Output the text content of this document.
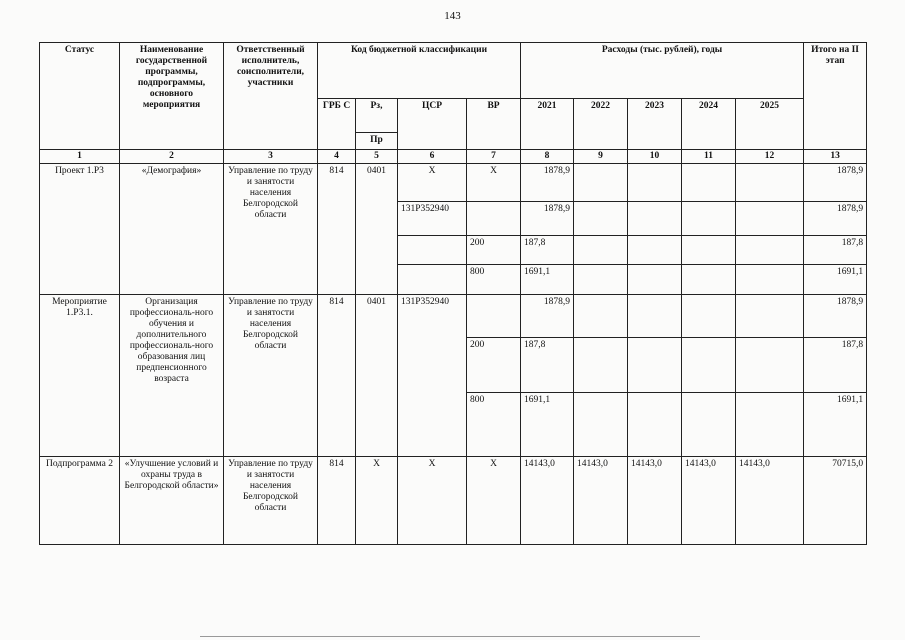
143
Статус	Наименование государственной программы, подпрограммы, основного мероприятия	Ответственный исполнитель, соисполнители, участники	Код бюджетной классификации				Расходы (тыс. рублей), годы					Итого на II этап
			ГРБ С	Рз,	ЦСР	ВР	2021	2022	2023	2024	2025	
				Пр								
1	2	3	4	5	6	7	8	9	10	11	12	13
Проект 1.Р3	«Демография»	Управление по труду и занятости населения Белгородской области	814	0401	Х	Х	1878,9					1878,9
					131Р352940		1878,9					1878,9
						200	187,8					187,8
						800	1691,1					1691,1
Мероприятие 1.Р3.1.	Организация профессиональ-ного обучения и дополнительного профессиональ-ного образования лиц предпенсионного возраста	Управление по труду и занятости населения Белгородской области	814	0401	131Р352940		1878,9					1878,9
						200	187,8					187,8
						800	1691,1					1691,1
Подпрограмма 2	«Улучшение условий и охраны труда в Белгородской области»	Управление по труду и занятости населения Белгородской области	814	Х	Х	Х	14143,0	14143,0	14143,0	14143,0	14143,0	70715,0
